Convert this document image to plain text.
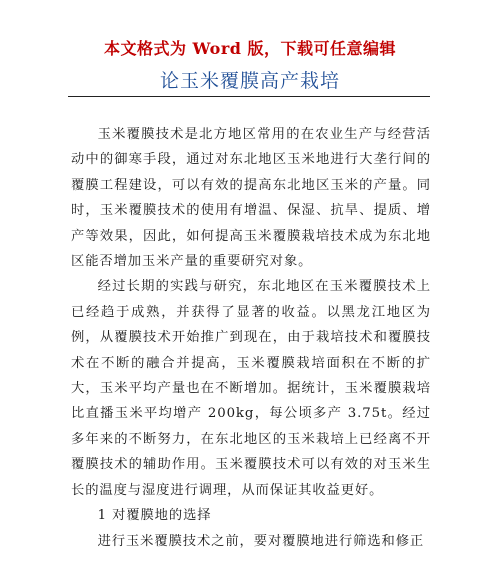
本文格式为 Word 版，下载可任意编辑
论玉米覆膜高产栽培

玉米覆膜技术是北方地区常用的在农业生产与经营活动中的御寒手段，通过对东北地区玉米地进行大垄行间的覆膜工程建设，可以有效的提高东北地区玉米的产量。同时，玉米覆膜技术的使用有增温、保湿、抗旱、提质、增产等效果，因此，如何提高玉米覆膜栽培技术成为东北地区能否增加玉米产量的重要研究对象。

经过长期的实践与研究，东北地区在玉米覆膜技术上已经趋于成熟，并获得了显著的收益。以黑龙江地区为例，从覆膜技术开始推广到现在，由于栽培技术和覆膜技术在不断的融合并提高，玉米覆膜栽培面积在不断的扩大，玉米平均产量也在不断增加。据统计，玉米覆膜栽培比直播玉米平均增产 200kg，每公顷多产 3.75t。经过多年来的不断努力，在东北地区的玉米栽培上已经离不开覆膜技术的辅助作用。玉米覆膜技术可以有效的对玉米生长的温度与湿度进行调理，从而保证其收益更好。

1 对覆膜地的选择

进行玉米覆膜技术之前，要对覆膜地进行筛选和修正
